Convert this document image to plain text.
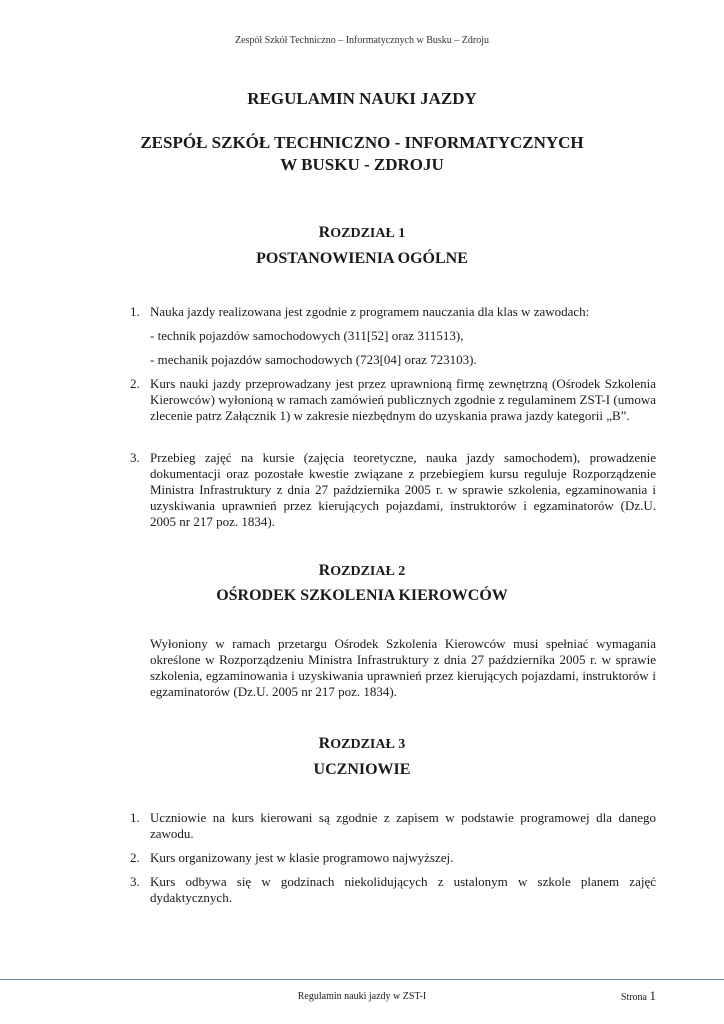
Zespół Szkół Techniczno – Informatycznych w Busku – Zdroju
REGULAMIN NAUKI JAZDY
ZESPÓŁ SZKÓŁ TECHNICZNO - INFORMATYCZNYCH
W BUSKU - ZDROJU
ROZDZIAŁ 1
POSTANOWIENIA OGÓLNE
1. Nauka jazdy realizowana jest zgodnie z programem nauczania dla klas w zawodach:
- technik pojazdów samochodowych (311[52] oraz 311513),
- mechanik pojazdów samochodowych (723[04] oraz 723103).
2. Kurs nauki jazdy przeprowadzany jest przez uprawnioną firmę zewnętrzną (Ośrodek Szkolenia Kierowców) wyłonioną w ramach zamówień publicznych zgodnie z regulaminem ZST-I (umowa zlecenie patrz Załącznik 1) w zakresie niezbędnym do uzyskania prawa jazdy kategorii „B”.
3. Przebieg zajęć na kursie (zajęcia teoretyczne, nauka jazdy samochodem), prowadzenie dokumentacji oraz pozostałe kwestie związane z przebiegiem kursu reguluje Rozporządzenie Ministra Infrastruktury z dnia 27 października 2005 r. w sprawie szkolenia, egzaminowania i uzyskiwania uprawnień przez kierujących pojazdami, instruktorów i egzaminatorów (Dz.U. 2005 nr 217 poz. 1834).
ROZDZIAŁ 2
OŚRODEK SZKOLENIA KIEROWCÓW
Wyłoniony w ramach przetargu Ośrodek Szkolenia Kierowców musi spełniać wymagania określone w Rozporządzeniu Ministra Infrastruktury z dnia 27 października 2005 r. w sprawie szkolenia, egzaminowania i uzyskiwania uprawnień przez kierujących pojazdami, instruktorów i egzaminatorów (Dz.U. 2005 nr 217 poz. 1834).
ROZDZIAŁ 3
UCZNIOWIE
1. Uczniowie na kurs kierowani są zgodnie z zapisem w podstawie programowej dla danego zawodu.
2. Kurs organizowany jest w klasie programowo najwyższej.
3. Kurs odbywa się w godzinach niekolidujących z ustalonym w szkole planem zajęć dydaktycznych.
Regulamin nauki jazdy w ZST-I	Strona 1
